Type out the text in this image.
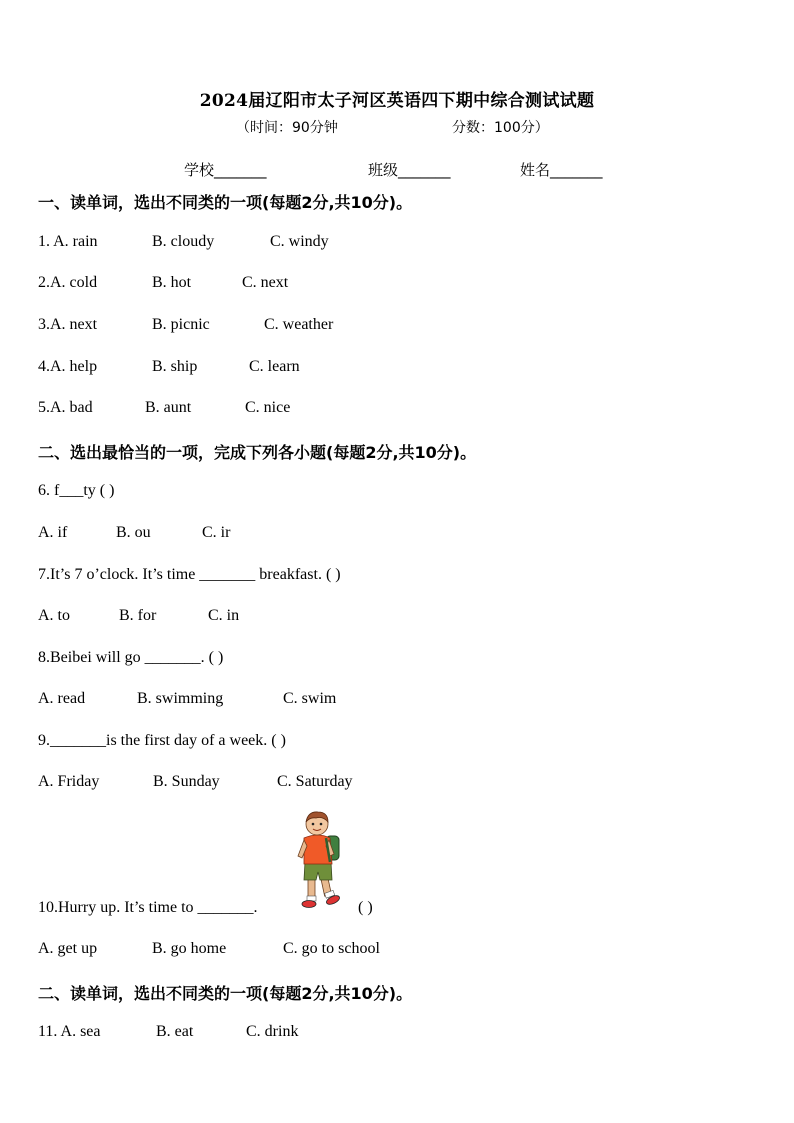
2024届辽阳市太子河区英语四下期中综合测试试题
（时间：90分钟	分数：100分）
学校_______	班级_______	姓名_______
一、读单词，选出不同类的一项(每题2分,共10分)。
1. A. rain	B. cloudy	C. windy
2.A. cold	B. hot	C. next
3.A. next	B. picnic	C. weather
4.A. help	B. ship	C. learn
5.A. bad	B. aunt	C. nice
二、选出最恰当的一项，完成下列各小题(每题2分,共10分)。
6. f___ty ( )
A. if	B. ou	C. ir
7.It’s 7 o’clock. It’s time _______ breakfast. ( )
A. to	B. for	C. in
8.Beibei will go _______. ( )
A. read	B. swimming	C. swim
9._______is the first day of a week. ( )
A. Friday	B. Sunday	C. Saturday
10.Hurry up. It’s time to _______.	( )
A. get up	B. go home	C. go to school
二、读单词，选出不同类的一项(每题2分,共10分)。
11. A. sea	B. eat	C. drink
